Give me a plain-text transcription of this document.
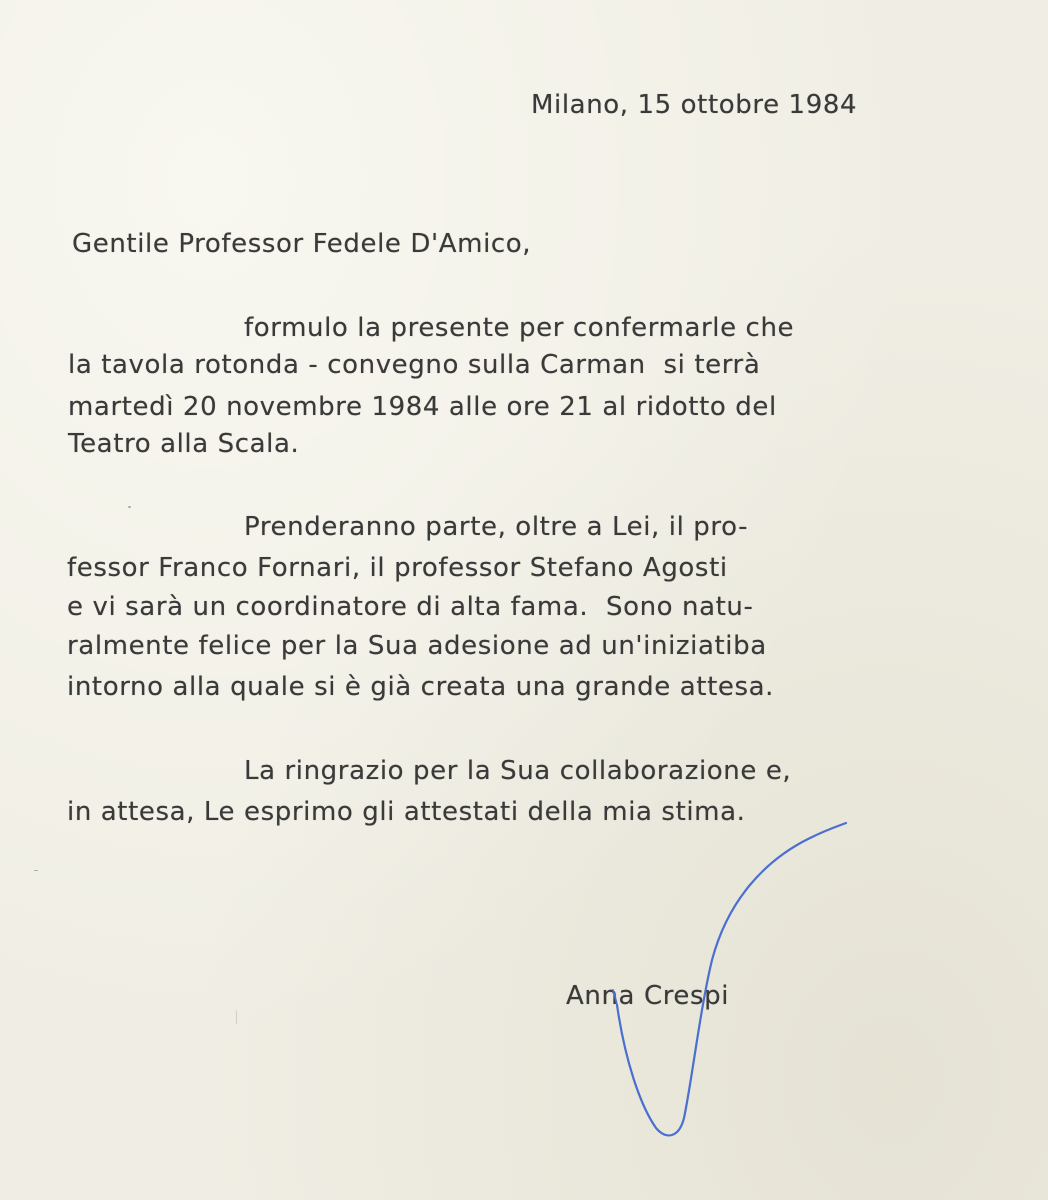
Milano, 15 ottobre 1984
Gentile Professor Fedele D'Amico,
formulo la presente per confermarle che
la tavola rotonda - convegno sulla Carman  si terrà
martedì 20 novembre 1984 alle ore 21 al ridotto del
Teatro alla Scala.
Prenderanno parte, oltre a Lei, il pro-
fessor Franco Fornari, il professor Stefano Agosti
e vi sarà un coordinatore di alta fama.  Sono natu-
ralmente felice per la Sua adesione ad un'iniziatiba
intorno alla quale si è già creata una grande attesa.
La ringrazio per la Sua collaborazione e,
in attesa, Le esprimo gli attestati della mia stima.
Anna Crespi
